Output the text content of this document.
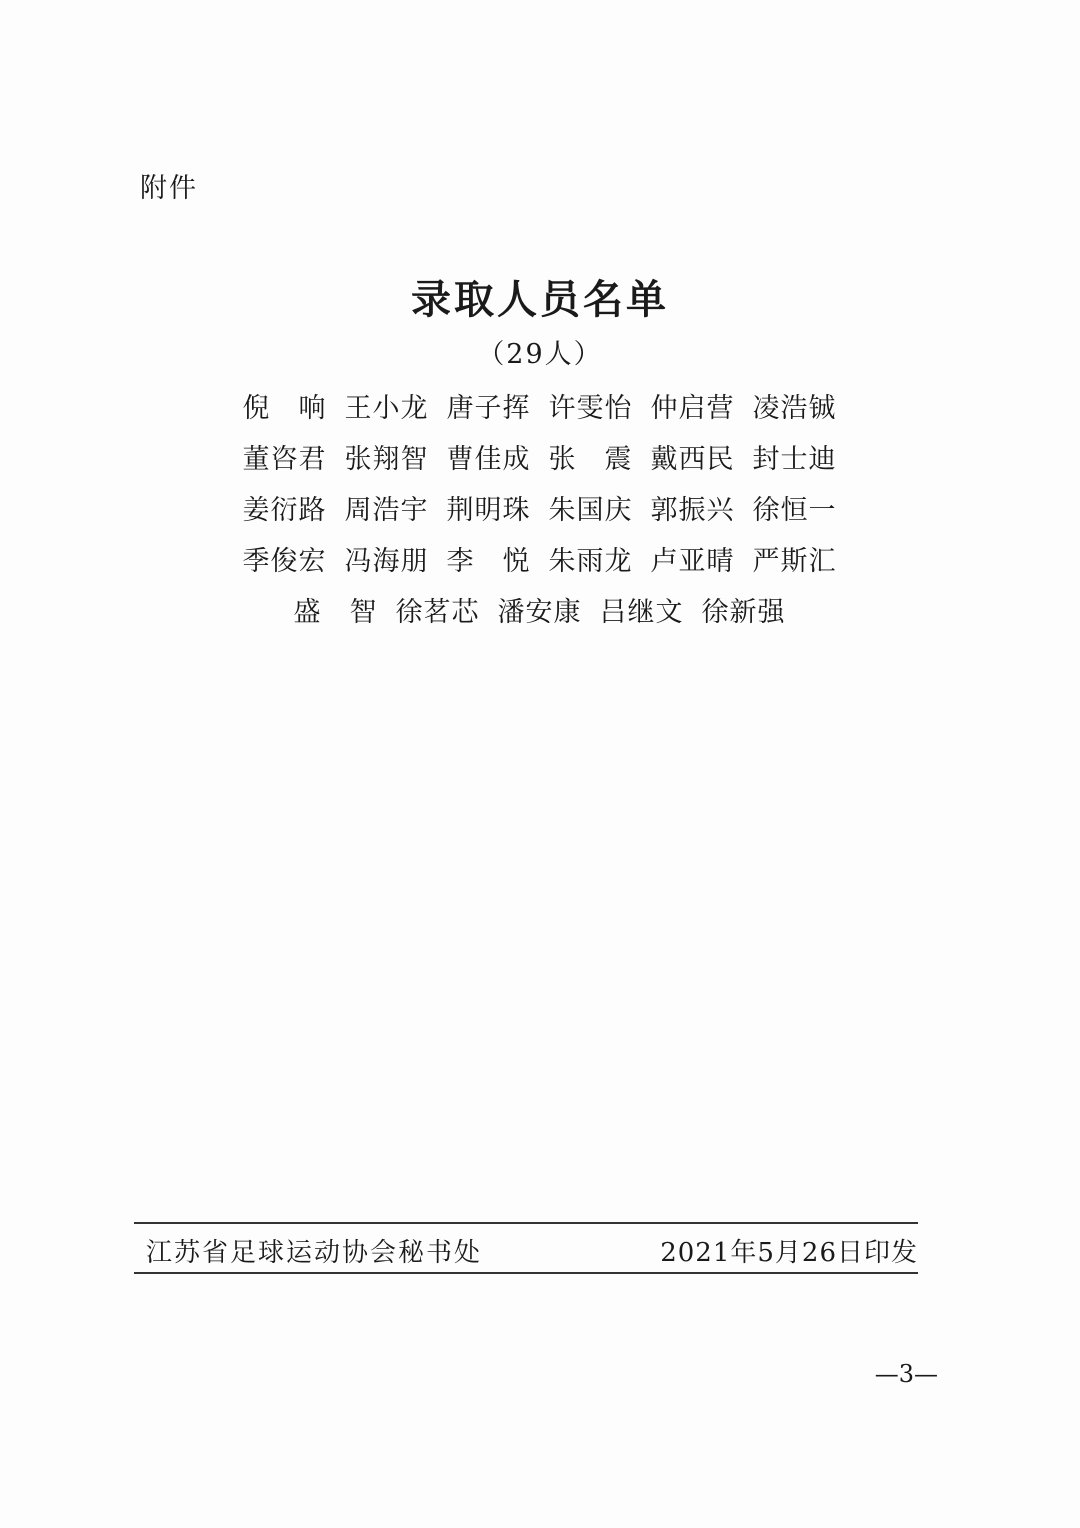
附件
录取人员名单
（29人）
倪
　 响 王 小 龙 唐 子 挥 许 雯 怡 仲 启 营 凌 浩 铖
董 咨 君 张 翔 智 曹 佳 成 张
　 震 戴 西 民 封 士 迪
姜 衍 路 周 浩 宇 荆 明 珠 朱 国 庆 郭 振 兴 徐 恒 一
季 俊 宏 冯 海 朋 李
　 悦 朱 雨 龙 卢 亚 晴 严 斯 汇
盛
　 智 徐 茗 芯 潘 安 康 吕 继 文 徐 新 强
江苏省足球运动协会秘书处	2021年5月26日印发
—3—
